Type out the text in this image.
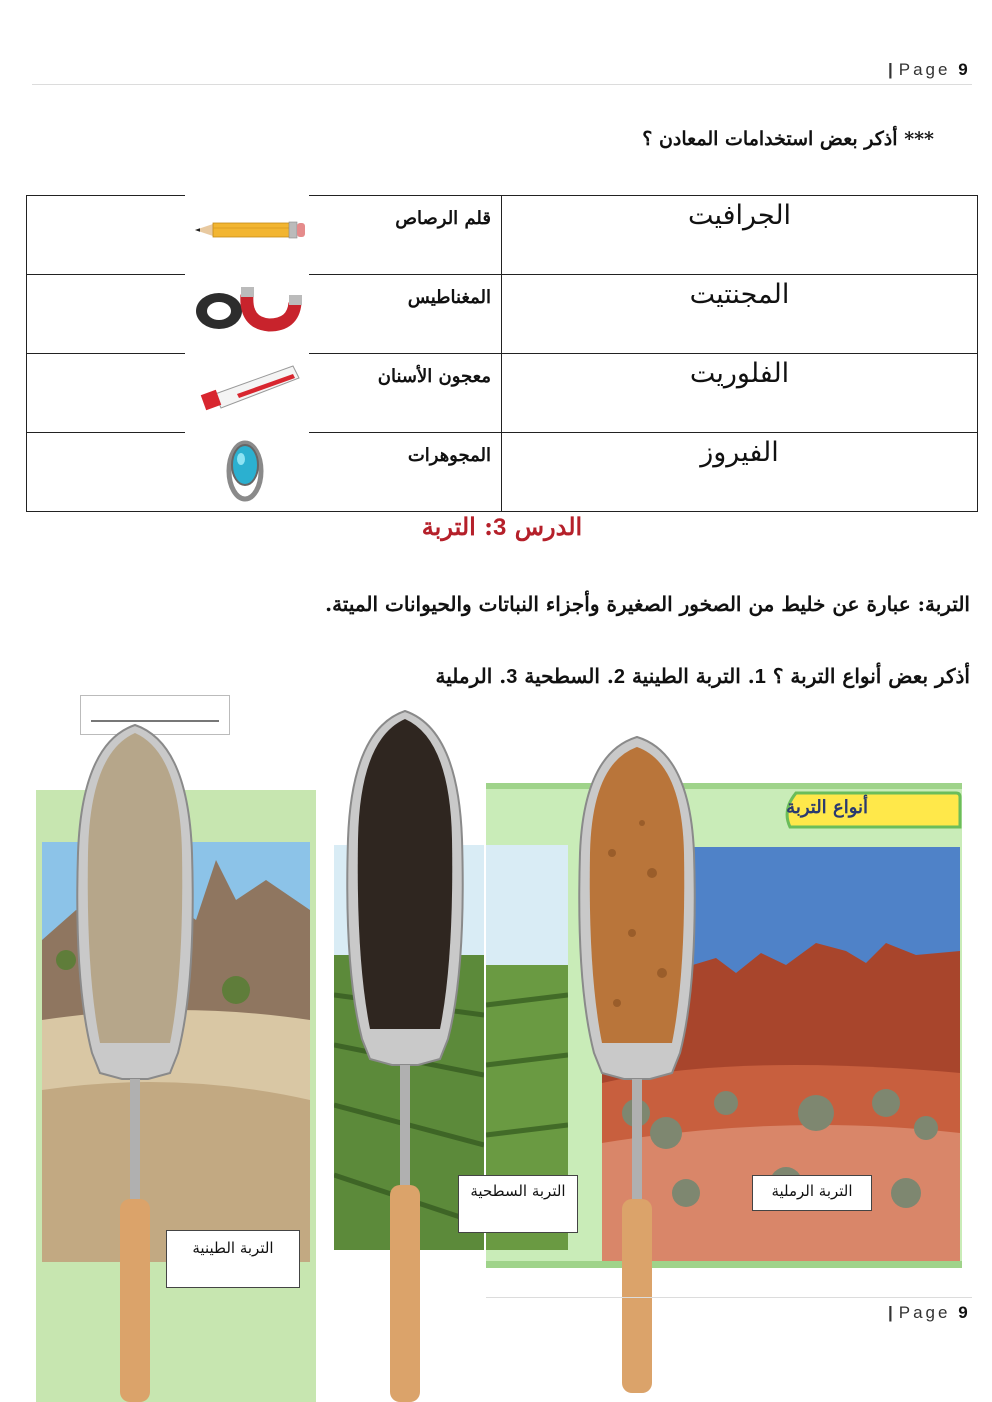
| Page 9
*** أذكر بعض استخدامات المعادن ؟
الجرافيت	قلم الرصاص

المجنتيت	المغناطيس

الفلوريت	معجون الأسنان

الفيروز	المجوهرات
الدرس 3: التربة
التربة: عبارة عن خليط من الصخور الصغيرة وأجزاء النباتات والحيوانات الميتة.
أذكر بعض أنواع التربة ؟ 1. التربة الطينية 2. السطحية 3. الرملية
أنواع التربة
التربة الرملية
التربة السطحية
التربة الطينية
| Page 9
